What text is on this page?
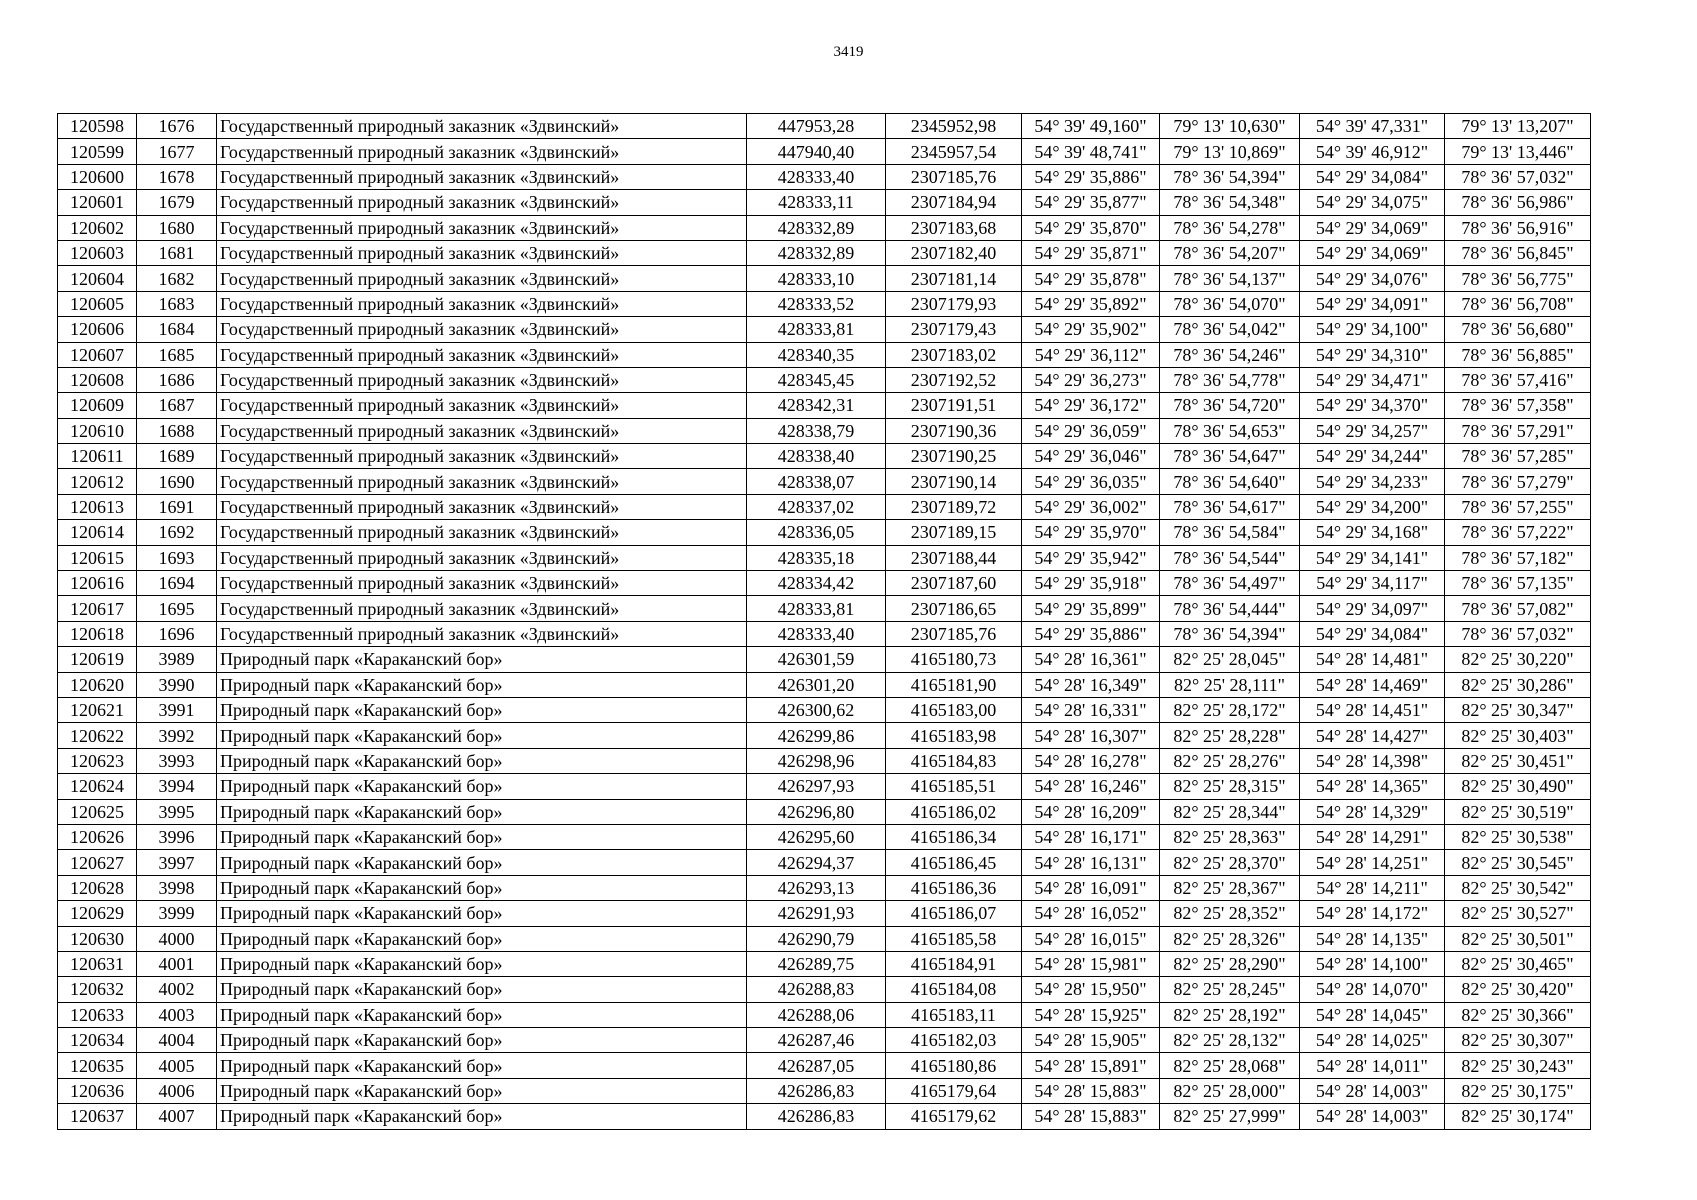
3419
120598	1676	Государственный природный заказник «Здвинский»	447953,28	2345952,98	54° 39' 49,160"	79° 13' 10,630"	54° 39' 47,331"	79° 13' 13,207"
120599	1677	Государственный природный заказник «Здвинский»	447940,40	2345957,54	54° 39' 48,741"	79° 13' 10,869"	54° 39' 46,912"	79° 13' 13,446"
120600	1678	Государственный природный заказник «Здвинский»	428333,40	2307185,76	54° 29' 35,886"	78° 36' 54,394"	54° 29' 34,084"	78° 36' 57,032"
120601	1679	Государственный природный заказник «Здвинский»	428333,11	2307184,94	54° 29' 35,877"	78° 36' 54,348"	54° 29' 34,075"	78° 36' 56,986"
120602	1680	Государственный природный заказник «Здвинский»	428332,89	2307183,68	54° 29' 35,870"	78° 36' 54,278"	54° 29' 34,069"	78° 36' 56,916"
120603	1681	Государственный природный заказник «Здвинский»	428332,89	2307182,40	54° 29' 35,871"	78° 36' 54,207"	54° 29' 34,069"	78° 36' 56,845"
120604	1682	Государственный природный заказник «Здвинский»	428333,10	2307181,14	54° 29' 35,878"	78° 36' 54,137"	54° 29' 34,076"	78° 36' 56,775"
120605	1683	Государственный природный заказник «Здвинский»	428333,52	2307179,93	54° 29' 35,892"	78° 36' 54,070"	54° 29' 34,091"	78° 36' 56,708"
120606	1684	Государственный природный заказник «Здвинский»	428333,81	2307179,43	54° 29' 35,902"	78° 36' 54,042"	54° 29' 34,100"	78° 36' 56,680"
120607	1685	Государственный природный заказник «Здвинский»	428340,35	2307183,02	54° 29' 36,112"	78° 36' 54,246"	54° 29' 34,310"	78° 36' 56,885"
120608	1686	Государственный природный заказник «Здвинский»	428345,45	2307192,52	54° 29' 36,273"	78° 36' 54,778"	54° 29' 34,471"	78° 36' 57,416"
120609	1687	Государственный природный заказник «Здвинский»	428342,31	2307191,51	54° 29' 36,172"	78° 36' 54,720"	54° 29' 34,370"	78° 36' 57,358"
120610	1688	Государственный природный заказник «Здвинский»	428338,79	2307190,36	54° 29' 36,059"	78° 36' 54,653"	54° 29' 34,257"	78° 36' 57,291"
120611	1689	Государственный природный заказник «Здвинский»	428338,40	2307190,25	54° 29' 36,046"	78° 36' 54,647"	54° 29' 34,244"	78° 36' 57,285"
120612	1690	Государственный природный заказник «Здвинский»	428338,07	2307190,14	54° 29' 36,035"	78° 36' 54,640"	54° 29' 34,233"	78° 36' 57,279"
120613	1691	Государственный природный заказник «Здвинский»	428337,02	2307189,72	54° 29' 36,002"	78° 36' 54,617"	54° 29' 34,200"	78° 36' 57,255"
120614	1692	Государственный природный заказник «Здвинский»	428336,05	2307189,15	54° 29' 35,970"	78° 36' 54,584"	54° 29' 34,168"	78° 36' 57,222"
120615	1693	Государственный природный заказник «Здвинский»	428335,18	2307188,44	54° 29' 35,942"	78° 36' 54,544"	54° 29' 34,141"	78° 36' 57,182"
120616	1694	Государственный природный заказник «Здвинский»	428334,42	2307187,60	54° 29' 35,918"	78° 36' 54,497"	54° 29' 34,117"	78° 36' 57,135"
120617	1695	Государственный природный заказник «Здвинский»	428333,81	2307186,65	54° 29' 35,899"	78° 36' 54,444"	54° 29' 34,097"	78° 36' 57,082"
120618	1696	Государственный природный заказник «Здвинский»	428333,40	2307185,76	54° 29' 35,886"	78° 36' 54,394"	54° 29' 34,084"	78° 36' 57,032"
120619	3989	Природный парк «Караканский бор»	426301,59	4165180,73	54° 28' 16,361"	82° 25' 28,045"	54° 28' 14,481"	82° 25' 30,220"
120620	3990	Природный парк «Караканский бор»	426301,20	4165181,90	54° 28' 16,349"	82° 25' 28,111"	54° 28' 14,469"	82° 25' 30,286"
120621	3991	Природный парк «Караканский бор»	426300,62	4165183,00	54° 28' 16,331"	82° 25' 28,172"	54° 28' 14,451"	82° 25' 30,347"
120622	3992	Природный парк «Караканский бор»	426299,86	4165183,98	54° 28' 16,307"	82° 25' 28,228"	54° 28' 14,427"	82° 25' 30,403"
120623	3993	Природный парк «Караканский бор»	426298,96	4165184,83	54° 28' 16,278"	82° 25' 28,276"	54° 28' 14,398"	82° 25' 30,451"
120624	3994	Природный парк «Караканский бор»	426297,93	4165185,51	54° 28' 16,246"	82° 25' 28,315"	54° 28' 14,365"	82° 25' 30,490"
120625	3995	Природный парк «Караканский бор»	426296,80	4165186,02	54° 28' 16,209"	82° 25' 28,344"	54° 28' 14,329"	82° 25' 30,519"
120626	3996	Природный парк «Караканский бор»	426295,60	4165186,34	54° 28' 16,171"	82° 25' 28,363"	54° 28' 14,291"	82° 25' 30,538"
120627	3997	Природный парк «Караканский бор»	426294,37	4165186,45	54° 28' 16,131"	82° 25' 28,370"	54° 28' 14,251"	82° 25' 30,545"
120628	3998	Природный парк «Караканский бор»	426293,13	4165186,36	54° 28' 16,091"	82° 25' 28,367"	54° 28' 14,211"	82° 25' 30,542"
120629	3999	Природный парк «Караканский бор»	426291,93	4165186,07	54° 28' 16,052"	82° 25' 28,352"	54° 28' 14,172"	82° 25' 30,527"
120630	4000	Природный парк «Караканский бор»	426290,79	4165185,58	54° 28' 16,015"	82° 25' 28,326"	54° 28' 14,135"	82° 25' 30,501"
120631	4001	Природный парк «Караканский бор»	426289,75	4165184,91	54° 28' 15,981"	82° 25' 28,290"	54° 28' 14,100"	82° 25' 30,465"
120632	4002	Природный парк «Караканский бор»	426288,83	4165184,08	54° 28' 15,950"	82° 25' 28,245"	54° 28' 14,070"	82° 25' 30,420"
120633	4003	Природный парк «Караканский бор»	426288,06	4165183,11	54° 28' 15,925"	82° 25' 28,192"	54° 28' 14,045"	82° 25' 30,366"
120634	4004	Природный парк «Караканский бор»	426287,46	4165182,03	54° 28' 15,905"	82° 25' 28,132"	54° 28' 14,025"	82° 25' 30,307"
120635	4005	Природный парк «Караканский бор»	426287,05	4165180,86	54° 28' 15,891"	82° 25' 28,068"	54° 28' 14,011"	82° 25' 30,243"
120636	4006	Природный парк «Караканский бор»	426286,83	4165179,64	54° 28' 15,883"	82° 25' 28,000"	54° 28' 14,003"	82° 25' 30,175"
120637	4007	Природный парк «Караканский бор»	426286,83	4165179,62	54° 28' 15,883"	82° 25' 27,999"	54° 28' 14,003"	82° 25' 30,174"
